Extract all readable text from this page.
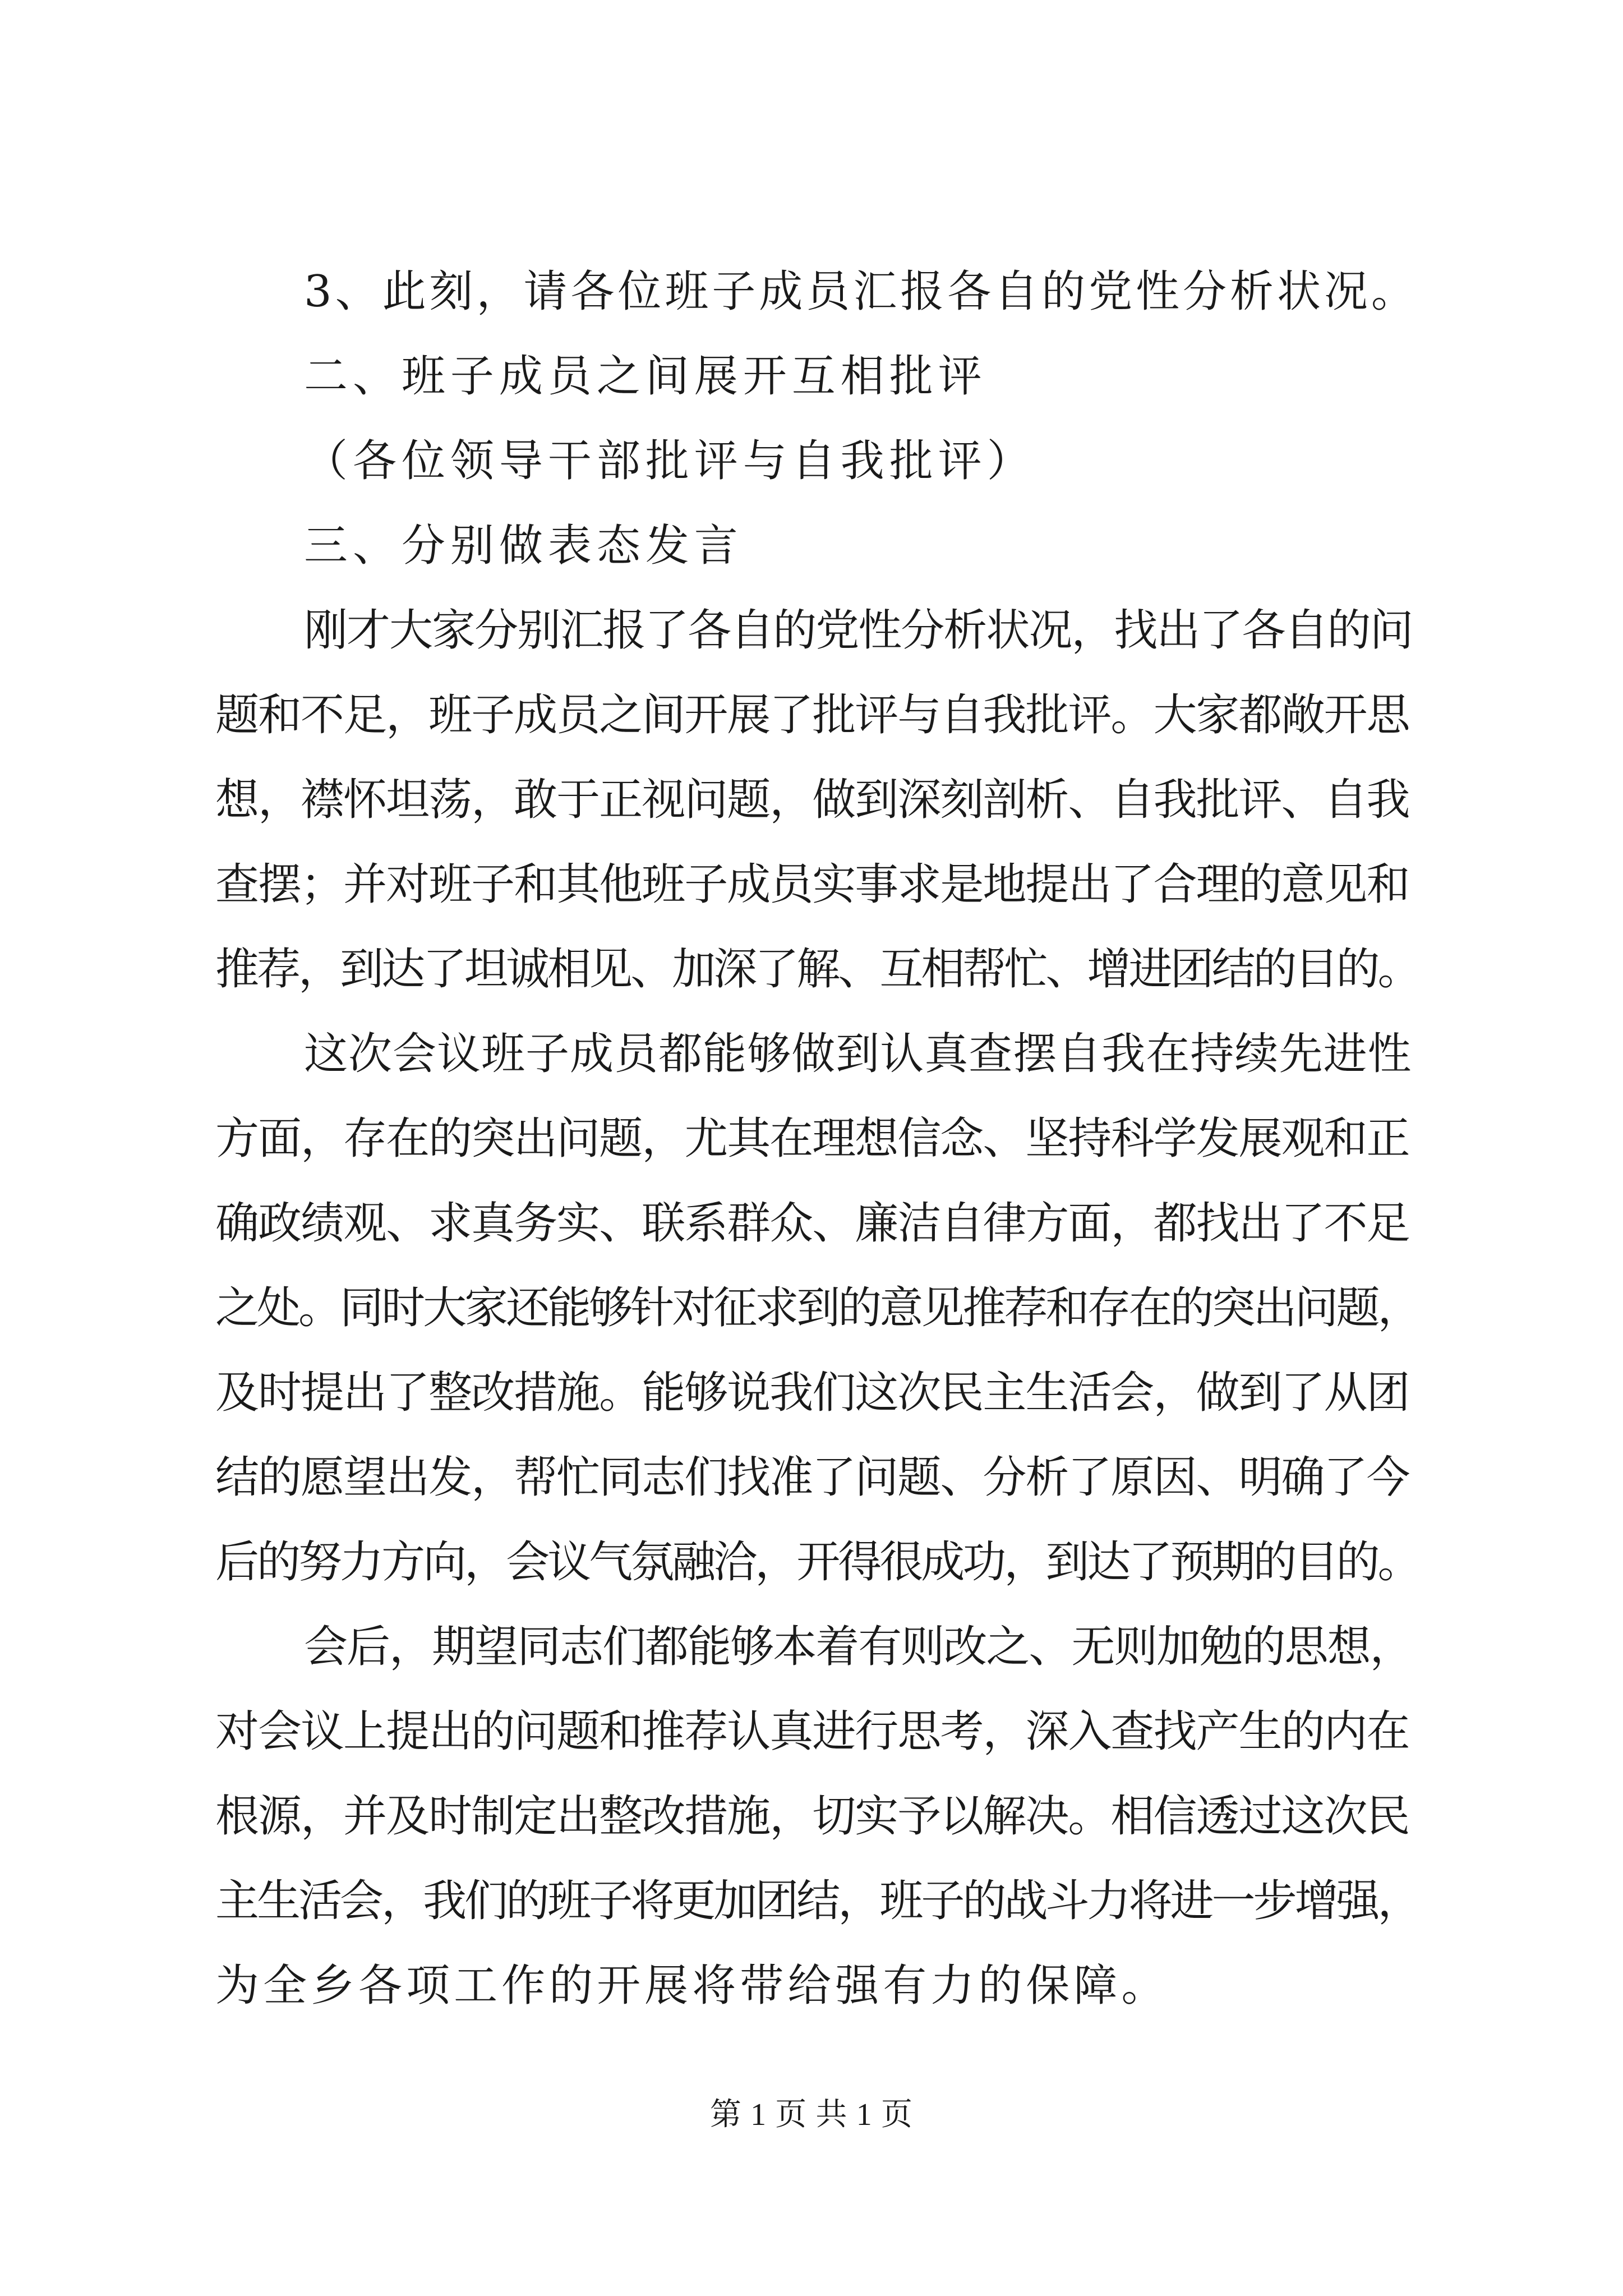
3、此刻，请各位班子成员汇报各自的党性分析状况。
二、班子成员之间展开互相批评
（各位领导干部批评与自我批评）
三、分别做表态发言
刚才大家分别汇报了各自的党性分析状况，找出了各自的问
题和不足，班子成员之间开展了批评与自我批评。大家都敞开思
想，襟怀坦荡，敢于正视问题，做到深刻剖析、自我批评、自我
查摆；并对班子和其他班子成员实事求是地提出了合理的意见和
推荐，到达了坦诚相见、加深了解、互相帮忙、增进团结的目的。
这次会议班子成员都能够做到认真查摆自我在持续先进性
方面，存在的突出问题，尤其在理想信念、坚持科学发展观和正
确政绩观、求真务实、联系群众、廉洁自律方面，都找出了不足
之处。同时大家还能够针对征求到的意见推荐和存在的突出问题，
及时提出了整改措施。能够说我们这次民主生活会，做到了从团
结的愿望出发，帮忙同志们找准了问题、分析了原因、明确了今
后的努力方向，会议气氛融洽，开得很成功，到达了预期的目的。
会后，期望同志们都能够本着有则改之、无则加勉的思想，
对会议上提出的问题和推荐认真进行思考，深入查找产生的内在
根源，并及时制定出整改措施，切实予以解决。相信透过这次民
主生活会，我们的班子将更加团结，班子的战斗力将进一步增强，
为全乡各项工作的开展将带给强有力的保障。
第 1 页 共 1 页
